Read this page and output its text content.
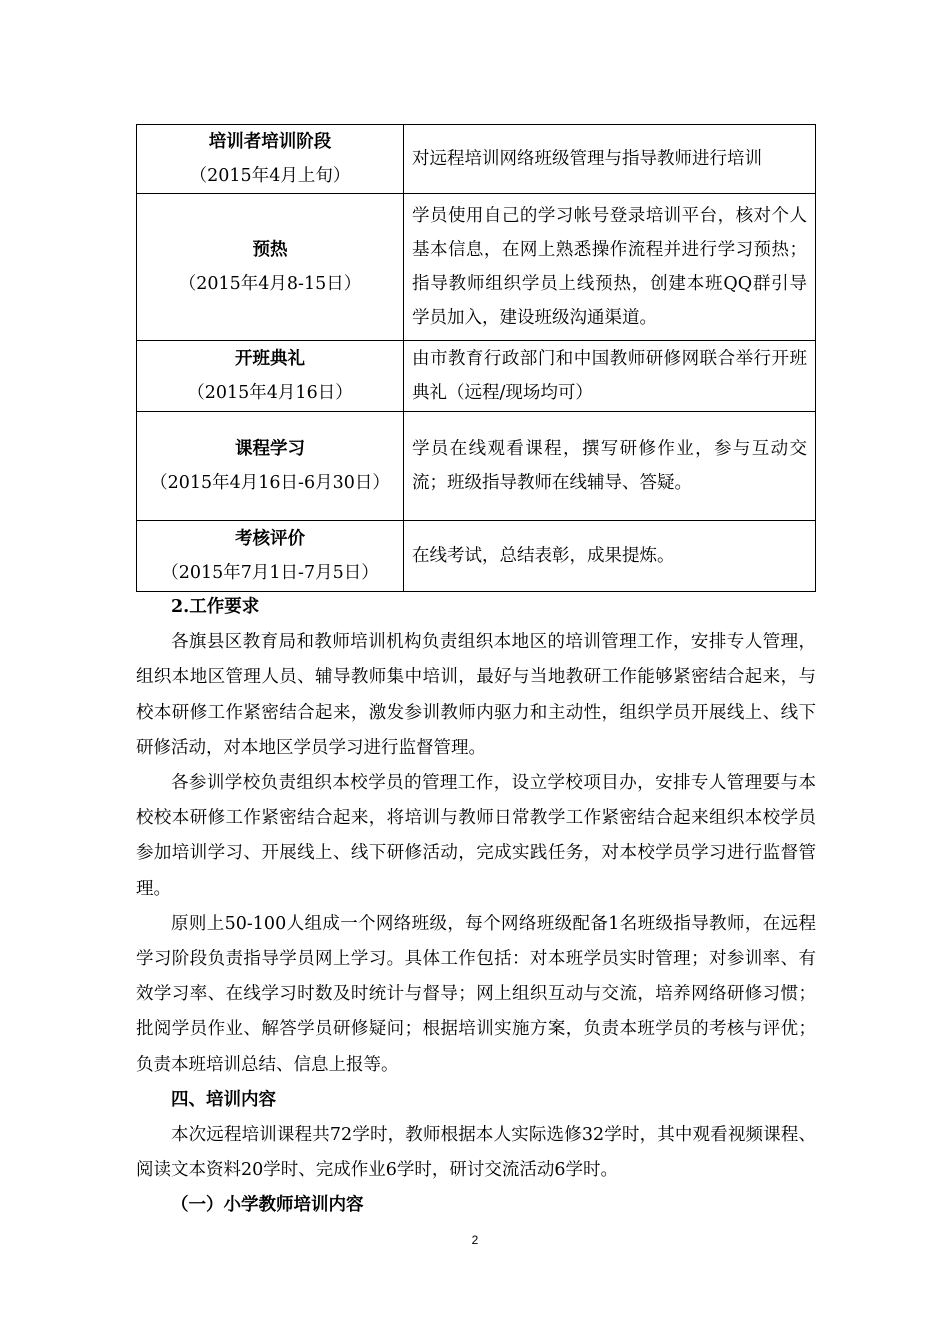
培训者培训阶段
（2015年4月上旬）	对远程培训网络班级管理与指导教师进行培训

预热
（2015年4月8-15日）	学员使用自己的学习帐号登录培训平台，核对个人基本信息，在网上熟悉操作流程并进行学习预热；指导教师组织学员上线预热，创建本班QQ群引导学员加入，建设班级沟通渠道。

开班典礼
（2015年4月16日）	由市教育行政部门和中国教师研修网联合举行开班典礼（远程/现场均可）

课程学习
（2015年4月16日-6月30日）	学员在线观看课程，撰写研修作业，参与互动交流；班级指导教师在线辅导、答疑。

考核评价
（2015年7月1日-7月5日）	在线考试，总结表彰，成果提炼。
2.工作要求

各旗县区教育局和教师培训机构负责组织本地区的培训管理工作，安排专人管理，组织本地区管理人员、辅导教师集中培训，最好与当地教研工作能够紧密结合起来，与校本研修工作紧密结合起来，激发参训教师内驱力和主动性，组织学员开展线上、线下研修活动，对本地区学员学习进行监督管理。

各参训学校负责组织本校学员的管理工作，设立学校项目办，安排专人管理要与本校校本研修工作紧密结合起来，将培训与教师日常教学工作紧密结合起来组织本校学员参加培训学习、开展线上、线下研修活动，完成实践任务，对本校学员学习进行监督管理。

原则上50-100人组成一个网络班级，每个网络班级配备1名班级指导教师，在远程学习阶段负责指导学员网上学习。具体工作包括：对本班学员实时管理；对参训率、有效学习率、在线学习时数及时统计与督导；网上组织互动与交流，培养网络研修习惯；批阅学员作业、解答学员研修疑问；根据培训实施方案，负责本班学员的考核与评优；负责本班培训总结、信息上报等。

四、培训内容

本次远程培训课程共72学时，教师根据本人实际选修32学时，其中观看视频课程、阅读文本资料20学时、完成作业6学时，研讨交流活动6学时。

（一）小学教师培训内容
2
